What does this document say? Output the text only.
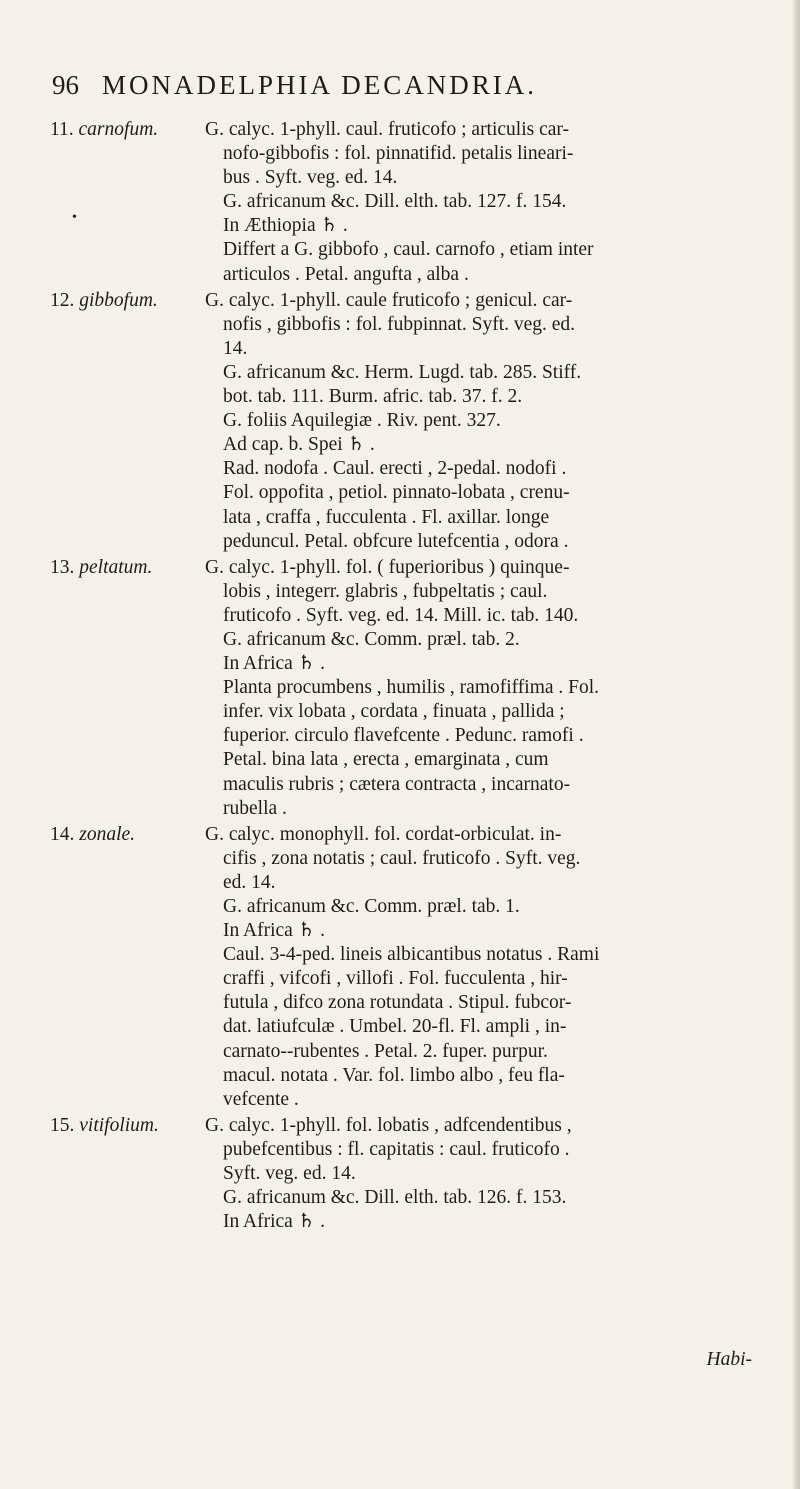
96 MONADELPHIA DECANDRIA.
•
11. carnofum.	G. calyc. 1-phyll. caul. fruticofo ; articulis car-
nofo-gibbofis : fol. pinnatifid. petalis lineari-
bus . Syft. veg. ed. 14.
G. africanum &c. Dill. elth. tab. 127. f. 154.
In Æthiopia ♄ .
Differt a G. gibbofo , caul. carnofo , etiam inter
articulos . Petal. angufta , alba .
12. gibbofum.	G. calyc. 1-phyll. caule fruticofo ; genicul. car-
nofis , gibbofis : fol. fubpinnat. Syft. veg. ed.
14.
G. africanum &c. Herm. Lugd. tab. 285. Stiff.
bot. tab. 111. Burm. afric. tab. 37. f. 2.
G. foliis Aquilegiæ . Riv. pent. 327.
Ad cap. b. Spei ♄ .
Rad. nodofa . Caul. erecti , 2-pedal. nodofi .
Fol. oppofita , petiol. pinnato-lobata , crenu-
lata , craffa , fucculenta . Fl. axillar. longe
peduncul. Petal. obfcure lutefcentia , odora .
13. peltatum.	G. calyc. 1-phyll. fol. ( fuperioribus ) quinque-
lobis , integerr. glabris , fubpeltatis ; caul.
fruticofo . Syft. veg. ed. 14. Mill. ic. tab. 140.
G. africanum &c. Comm. præl. tab. 2.
In Africa ♄ .
Planta procumbens , humilis , ramofiffima . Fol.
infer. vix lobata , cordata , finuata , pallida ;
fuperior. circulo flavefcente . Pedunc. ramofi .
Petal. bina lata , erecta , emarginata , cum
maculis rubris ; cætera contracta , incarnato-
rubella .
14. zonale.	G. calyc. monophyll. fol. cordat-orbiculat. in-
cifis , zona notatis ; caul. fruticofo . Syft. veg.
ed. 14.
G. africanum &c. Comm. præl. tab. 1.
In Africa ♄ .
Caul. 3-4-ped. lineis albicantibus notatus . Rami
craffi , vifcofi , villofi . Fol. fucculenta , hir-
futula , difco zona rotundata . Stipul. fubcor-
dat. latiufculæ . Umbel. 20-fl. Fl. ampli , in-
carnato--rubentes . Petal. 2. fuper. purpur.
macul. notata . Var. fol. limbo albo , feu fla-
vefcente .
15. vitifolium.	G. calyc. 1-phyll. fol. lobatis , adfcendentibus ,
pubefcentibus : fl. capitatis : caul. fruticofo .
Syft. veg. ed. 14.
G. africanum &c. Dill. elth. tab. 126. f. 153.
In Africa ♄ .
Habi-
